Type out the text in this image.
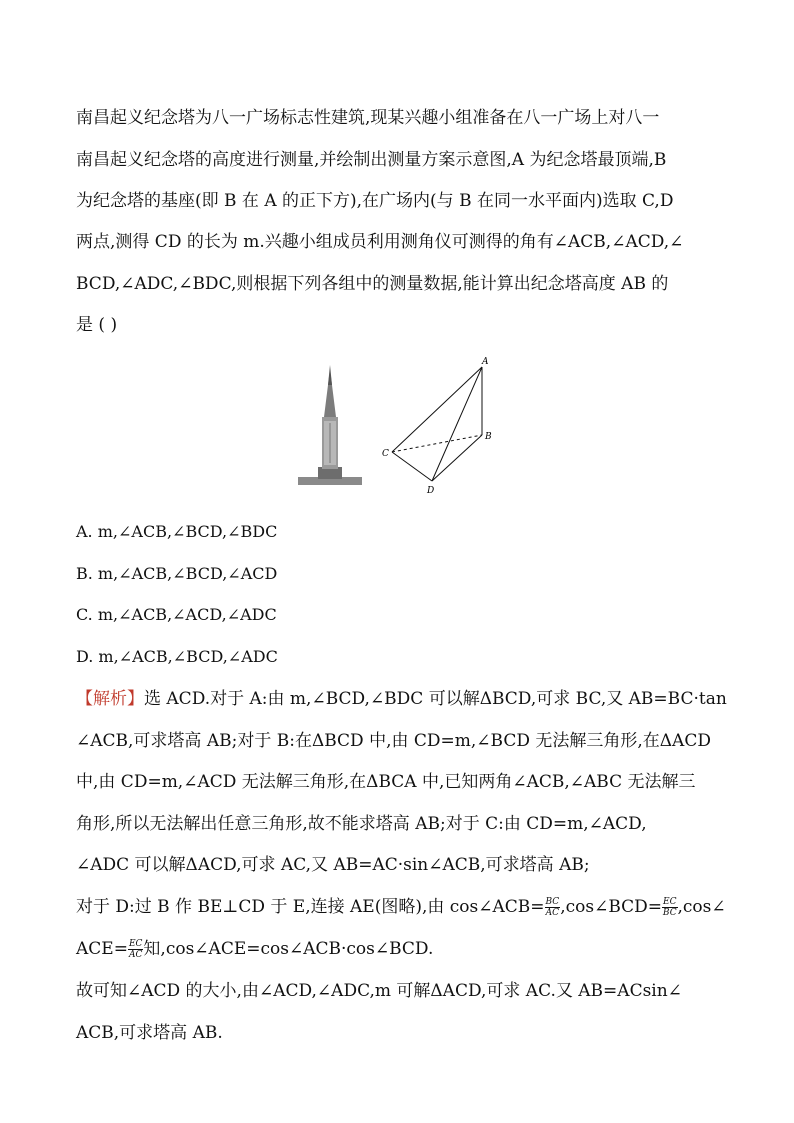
南昌起义纪念塔为八一广场标志性建筑,现某兴趣小组准备在八一广场上对八一
南昌起义纪念塔的高度进行测量,并绘制出测量方案示意图,A 为纪念塔最顶端,B
为纪念塔的基座(即 B 在 A 的正下方),在广场内(与 B 在同一水平面内)选取 C,D
两点,测得 CD 的长为 m.兴趣小组成员利用测角仪可测得的角有∠ACB,∠ACD,∠
BCD,∠ADC,∠BDC,则根据下列各组中的测量数据,能计算出纪念塔高度 AB 的
是 ( )
A
B
C
D
A. m,∠ACB,∠BCD,∠BDC
B. m,∠ACB,∠BCD,∠ACD
C. m,∠ACB,∠ACD,∠ADC
D. m,∠ACB,∠BCD,∠ADC
【解析】选 ACD.对于 A:由 m,∠BCD,∠BDC 可以解ΔBCD,可求 BC,又 AB=BC·tan
∠ACB,可求塔高 AB;对于 B:在ΔBCD 中,由 CD=m,∠BCD 无法解三角形,在ΔACD
中,由 CD=m,∠ACD 无法解三角形,在ΔBCA 中,已知两角∠ACB,∠ABC 无法解三
角形,所以无法解出任意三角形,故不能求塔高 AB;对于 C:由 CD=m,∠ACD,
∠ADC 可以解ΔACD,可求 AC,又 AB=AC·sin∠ACB,可求塔高 AB;
对于 D:过 B 作 BE⊥CD 于 E,连接 AE(图略),由 cos∠ACB= $\frac{BC}{AC}$ ,cos∠BCD= $\frac{EC}{BC}$ ,cos∠
$ACE= \frac{EC}{AC}$ 知,cos∠ACE=cos∠ACB·cos∠BCD.
故可知∠ACD 的大小,由∠ACD,∠ADC,m 可解ΔACD,可求 AC.又 AB=ACsin∠
ACB,可求塔高 AB.
